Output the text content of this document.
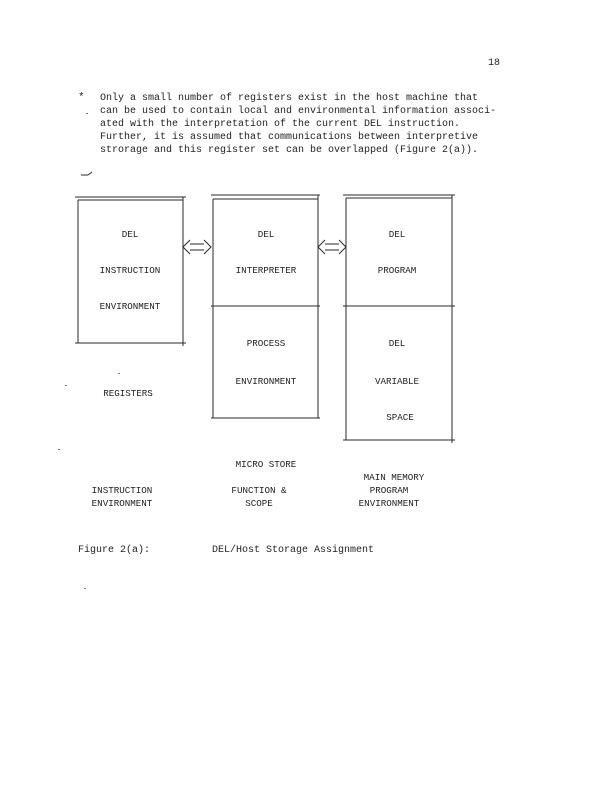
18
* Only a small number of registers exist in the host machine that
can be used to contain local and environmental information associ-
ated with the interpretation of the current DEL instruction.
Further, it is assumed that communications between interpretive
strorage and this register set can be overlapped (Figure 2(a)).
DEL
INSTRUCTION
ENVIRONMENT
REGISTERS
DEL
INTERPRETER
PROCESS
ENVIRONMENT
MICRO STORE
DEL
PROGRAM
DEL
VARIABLE
SPACE
INSTRUCTION
ENVIRONMENT
FUNCTION &
SCOPE
MAIN MEMORY
PROGRAM
ENVIRONMENT
Figure 2(a):	DEL/Host Storage Assignment
